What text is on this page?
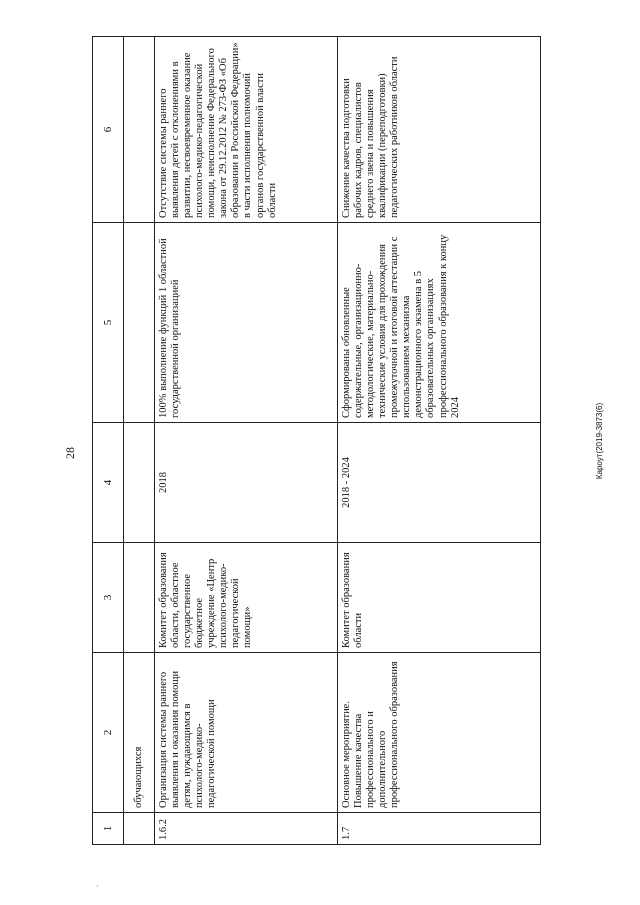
28	Кароут(2019-3873(6)
·
1	2	3	4	5	6
	обучающихся				
1.6.2	Организация системы раннего выявления и оказания помощи детям, нуждающимся в психолого-медико-педагогической помощи	Комитет образования области, областное государственное бюджетное учреждение «Центр психолого-медико-педагогической помощи»	2018	100% выполнение функций 1 областной государственной организацией	Отсутствие системы раннего выявления детей с отклонениями в развитии, несвоевременное оказание психолого-медико-педагогической помощи, неисполнение Федерального закона от 29.12.2012 № 273-ФЗ «Об образовании в Российской Федерации» в части исполнения полномочий органов государственной власти области
1.7	Основное мероприятие. Повышение качества профессионального и дополнительного профессионального образования	Комитет образования области	2018 - 2024	Сформированы обновленные содержательные, организационно-методологические, материально-технические условия для прохождения промежуточной и итоговой аттестации с использованием механизма демонстрационного экзамена в 5 образовательных организациях профессионального образования к концу 2024	Снижение качества подготовки рабочих кадров, специалистов среднего звена и повышения квалификации (переподготовки) педагогических работников области
